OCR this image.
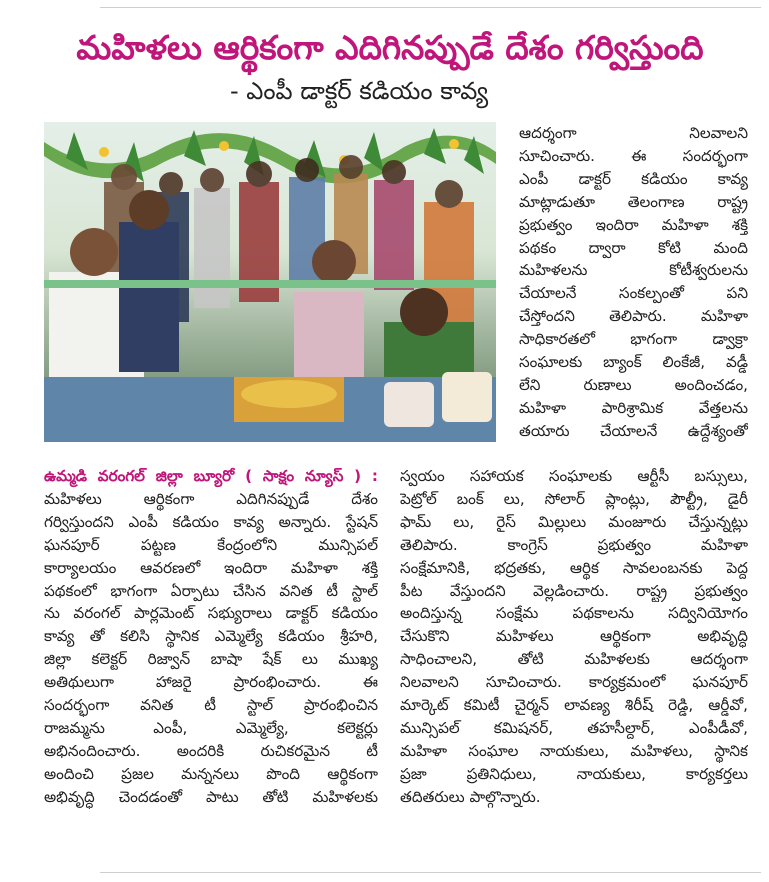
మహిళలు ఆర్థికంగా ఎదిగినప్పుడే దేశం గర్విస్తుంది
- ఎంపీ డాక్టర్ కడియం కావ్య
ఆదర్శంగా నిలవాలని
సూచించారు. ఈ సందర్భంగా
ఎంపీ డాక్టర్ కడియం కావ్య
మాట్లాడుతూ తెలంగాణ రాష్ట్ర
ప్రభుత్వం ఇందిరా మహిళా శక్తి
పథకం ద్వారా కోటి మంది
మహిళలను కోటీశ్వరులను
చేయాలనే సంకల్పంతో పని
చేస్తోందని తెలిపారు. మహిళా
సాధికారతలో భాగంగా డ్వాక్రా
సంఘాలకు బ్యాంక్ లింకేజీ, వడ్డీ
లేని రుణాలు అందించడం,
మహిళా పారిశ్రామిక వేత్తలను
తయారు చేయాలనే ఉద్దేశ్యంతో
ఉమ్మడి వరంగల్ జిల్లా బ్యూరో ( సాక్షం న్యూస్ ) :
మహిళలు ఆర్థికంగా ఎదిగినప్పుడే దేశం
గర్విస్తుందని ఎంపీ కడియం కావ్య అన్నారు. స్టేషన్
ఘనపూర్ పట్టణ కేంద్రంలోని మున్సిపల్
కార్యాలయం ఆవరణలో ఇందిరా మహిళా శక్తి
పథకంలో భాగంగా ఏర్పాటు చేసిన వనిత టీ స్టాల్
ను వరంగల్ పార్లమెంట్ సభ్యురాలు డాక్టర్ కడియం
కావ్య తో కలిసి స్థానిక ఎమ్మెల్యే కడియం శ్రీహరి,
జిల్లా కలెక్టర్ రిజ్వాన్ బాషా షేక్ లు ముఖ్య
అతిథులుగా హాజరై ప్రారంభించారు. ఈ
సందర్భంగా వనిత టీ స్టాల్ ప్రారంభించిన
రాజమ్మను ఎంపీ, ఎమ్మెల్యే, కలెక్టర్లు
అభినందించారు. అందరికి రుచికరమైన టీ
అందించి ప్రజల మన్ననలు పొంది ఆర్థికంగా
అభివృద్ధి చెందడంతో పాటు తోటి మహిళలకు
స్వయం సహాయక సంఘాలకు ఆర్టీసీ బస్సులు,
పెట్రోల్ బంక్ లు, సోలార్ ప్లాంట్లు, పౌల్ట్రీ, డైరీ
ఫామ్ లు, రైస్ మిల్లులు మంజూరు చేస్తున్నట్లు
తెలిపారు. కాంగ్రెస్ ప్రభుత్వం మహిళా
సంక్షేమానికి, భద్రతకు, ఆర్థిక సావలంబనకు పెద్ద
పీట వేస్తుందని వెల్లడించారు. రాష్ట్ర ప్రభుత్వం
అందిస్తున్న సంక్షేమ పథకాలను సద్వినియోగం
చేసుకొని మహిళలు ఆర్థికంగా అభివృద్ధి
సాధించాలని, తోటి మహిళలకు ఆదర్శంగా
నిలవాలని సూచించారు. కార్యక్రమంలో ఘనపూర్
మార్కెట్ కమిటీ చైర్మన్ లావణ్య శిరీష్ రెడ్డి, ఆర్డీవో,
మున్సిపల్ కమిషనర్, తహసీల్దార్, ఎంపీడీవో,
మహిళా సంఘాల నాయకులు, మహిళలు, స్థానిక
ప్రజా ప్రతినిధులు, నాయకులు, కార్యకర్తలు
తదితరులు పాల్గొన్నారు.
